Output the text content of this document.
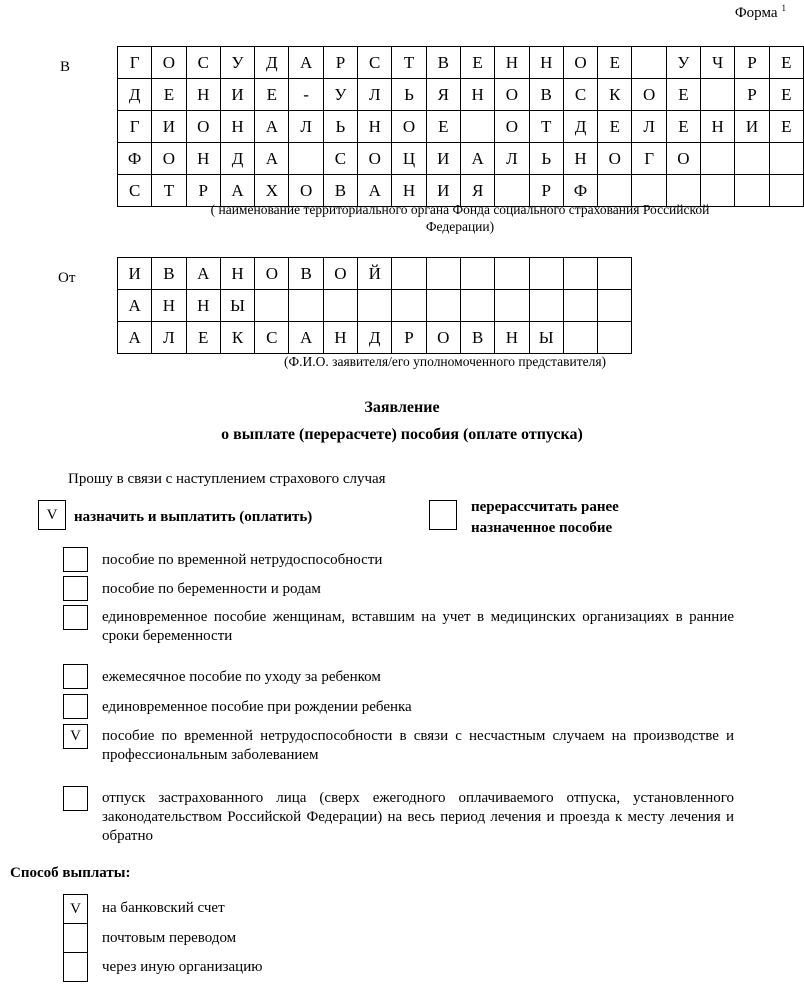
Форма $^1$
В	Г	О	С	У	Д	А	Р	С	Т	В	Е	Н	Н	О	Е		У	Ч	Р	Е
Д	Е	Н	И	Е	-	У	Л	Ь	Я	Н	О	В	С	К	О	Е		Р	Е
Г	И	О	Н	А	Л	Ь	Н	О	Е		О	Т	Д	Е	Л	Е	Н	И	Е
Ф	О	Н	Д	А		С	О	Ц	И	А	Л	Ь	Н	О	Г	О			
С	Т	Р	А	Х	О	В	А	Н	И	Я		Р	Ф						
( наименование территориального органа Фонда социального страхования Российской
Федерации)
От	И	В	А	Н	О	В	О	Й							
А	Н	Н	Ы											
А	Л	Е	К	С	А	Н	Д	Р	О	В	Н	Ы		
(Ф.И.О. заявителя/его уполномоченного представителя)
Заявление
о выплате (перерасчете) пособия (оплате отпуска)
Прошу в связи с наступлением страхового случая
V	назначить и выплатить (оплатить)
перерассчитать ранее
назначенное пособие
пособие по временной нетрудоспособности
пособие по беременности и родам
единовременное пособие женщинам, вставшим на учет в медицинских организациях в ранние сроки беременности
ежемесячное пособие по уходу за ребенком
единовременное пособие при рождении ребенка
V	пособие по временной нетрудоспособности в связи с несчастным случаем на производстве и профессиональным заболеванием
отпуск застрахованного лица (сверх ежегодного оплачиваемого отпуска, установленного законодательством Российской Федерации) на весь период лечения и проезда к месту лечения и обратно
Способ выплаты:
V	на банковский счет
почтовым переводом
через иную организацию
